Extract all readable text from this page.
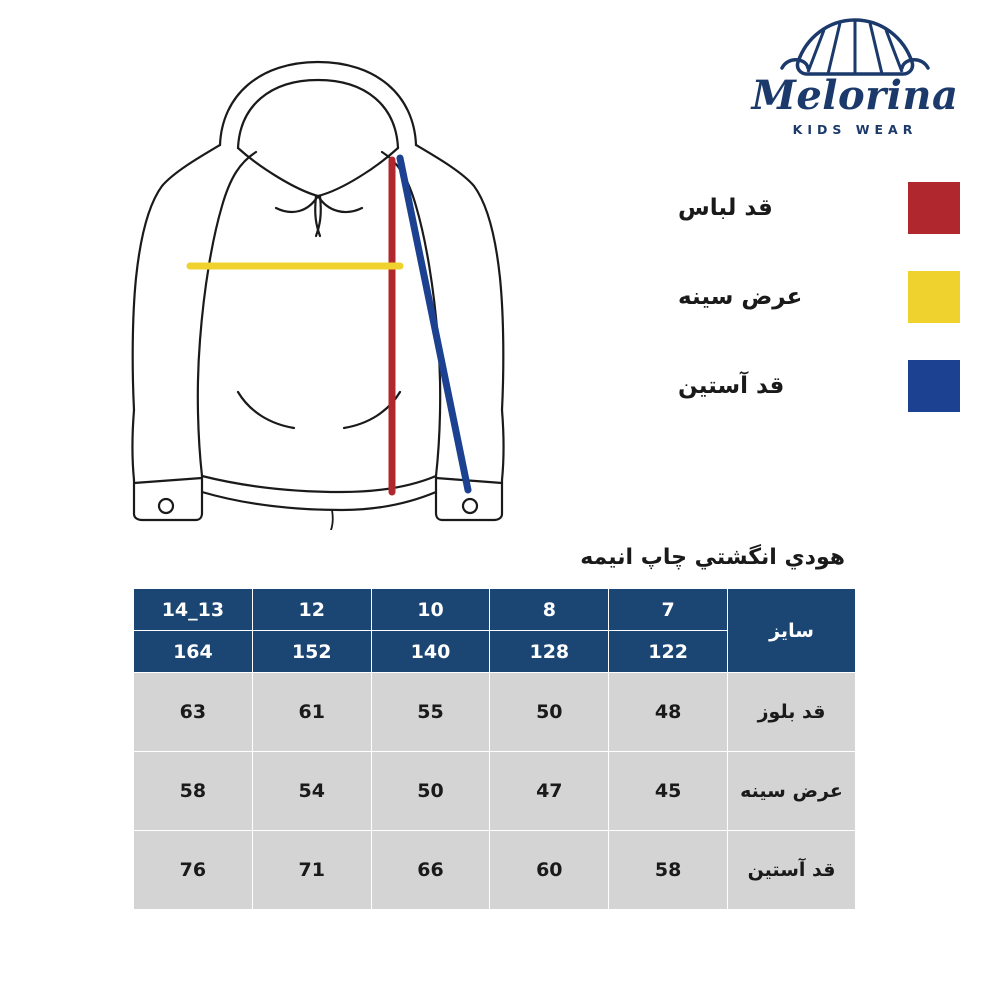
Melorina
KIDS WEAR
قد لباس
عرض سینه
قد آستین
هودي انگشتي چاپ انیمه
سایز	7	8	10	12	13_14
	122	128	140	152	164
قد بلوز	48	50	55	61	63
عرض سینه	45	47	50	54	58
قد آستین	58	60	66	71	76
